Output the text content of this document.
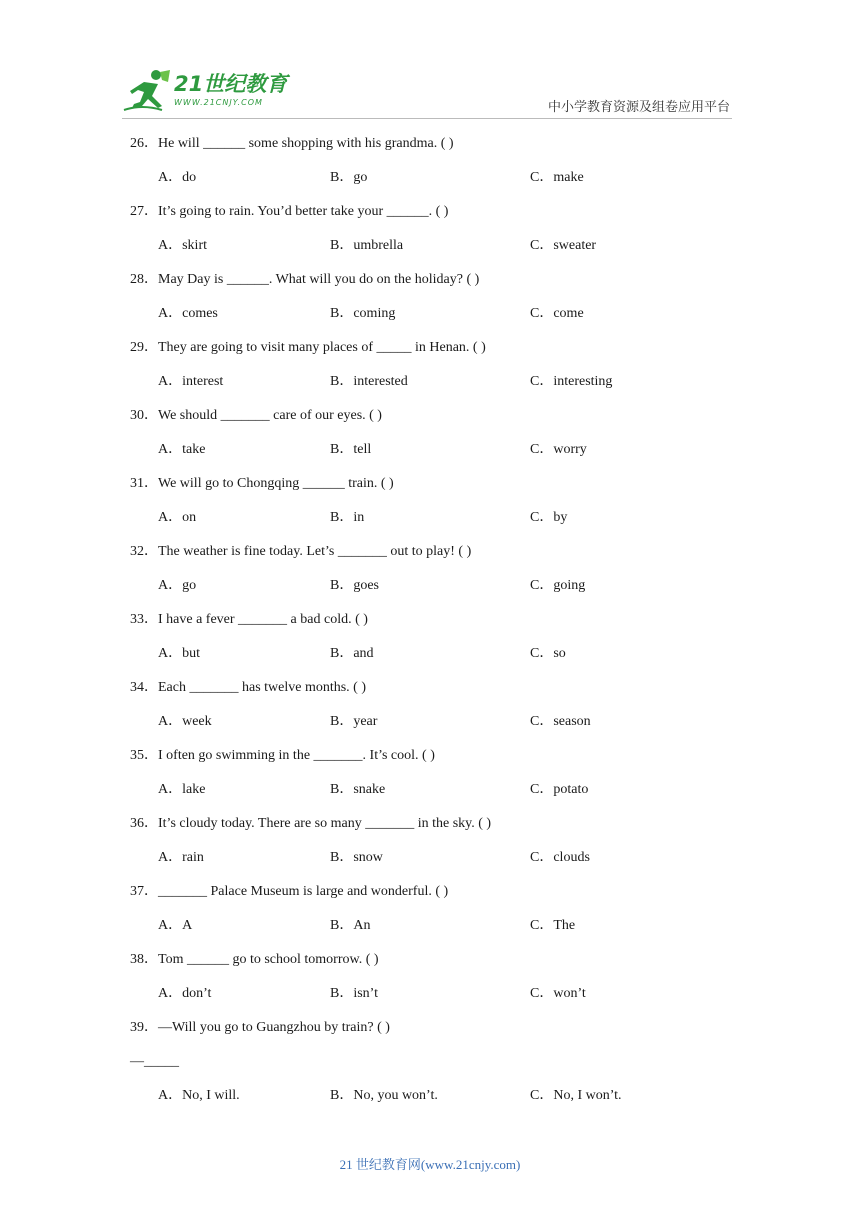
21世纪教育
WWW.21CNJY.COM	中小学教育资源及组卷应用平台
26．He will ______ some shopping with his grandma. ( )
A．do	B．go	C．make
27．It’s going to rain. You’d better take your ______. ( )
A．skirt	B．umbrella	C．sweater
28．May Day is ______. What will you do on the holiday? ( )
A．comes	B．coming	C．come
29．They are going to visit many places of _____ in Henan. ( )
A．interest	B．interested	C．interesting
30．We should _______ care of our eyes. ( )
A．take	B．tell	C．worry
31．We will go to Chongqing ______ train. ( )
A．on	B．in	C．by
32．The weather is fine today. Let’s _______ out to play! ( )
A．go	B．goes	C．going
33．I have a fever _______ a bad cold. ( )
A．but	B．and	C．so
34．Each _______ has twelve months. ( )
A．week	B．year	C．season
35．I often go swimming in the _______. It’s cool. ( )
A．lake	B．snake	C．potato
36．It’s cloudy today. There are so many _______ in the sky. ( )
A．rain	B．snow	C．clouds
37．_______ Palace Museum is large and wonderful. ( )
A．A	B．An	C．The
38．Tom ______ go to school tomorrow. ( )
A．don’t	B．isn’t	C．won’t
39．—Will you go to Guangzhou by train? ( )
—_____
A．No, I will.	B．No, you won’t.	C．No, I won’t.
21 世纪教育网(www.21cnjy.com)
